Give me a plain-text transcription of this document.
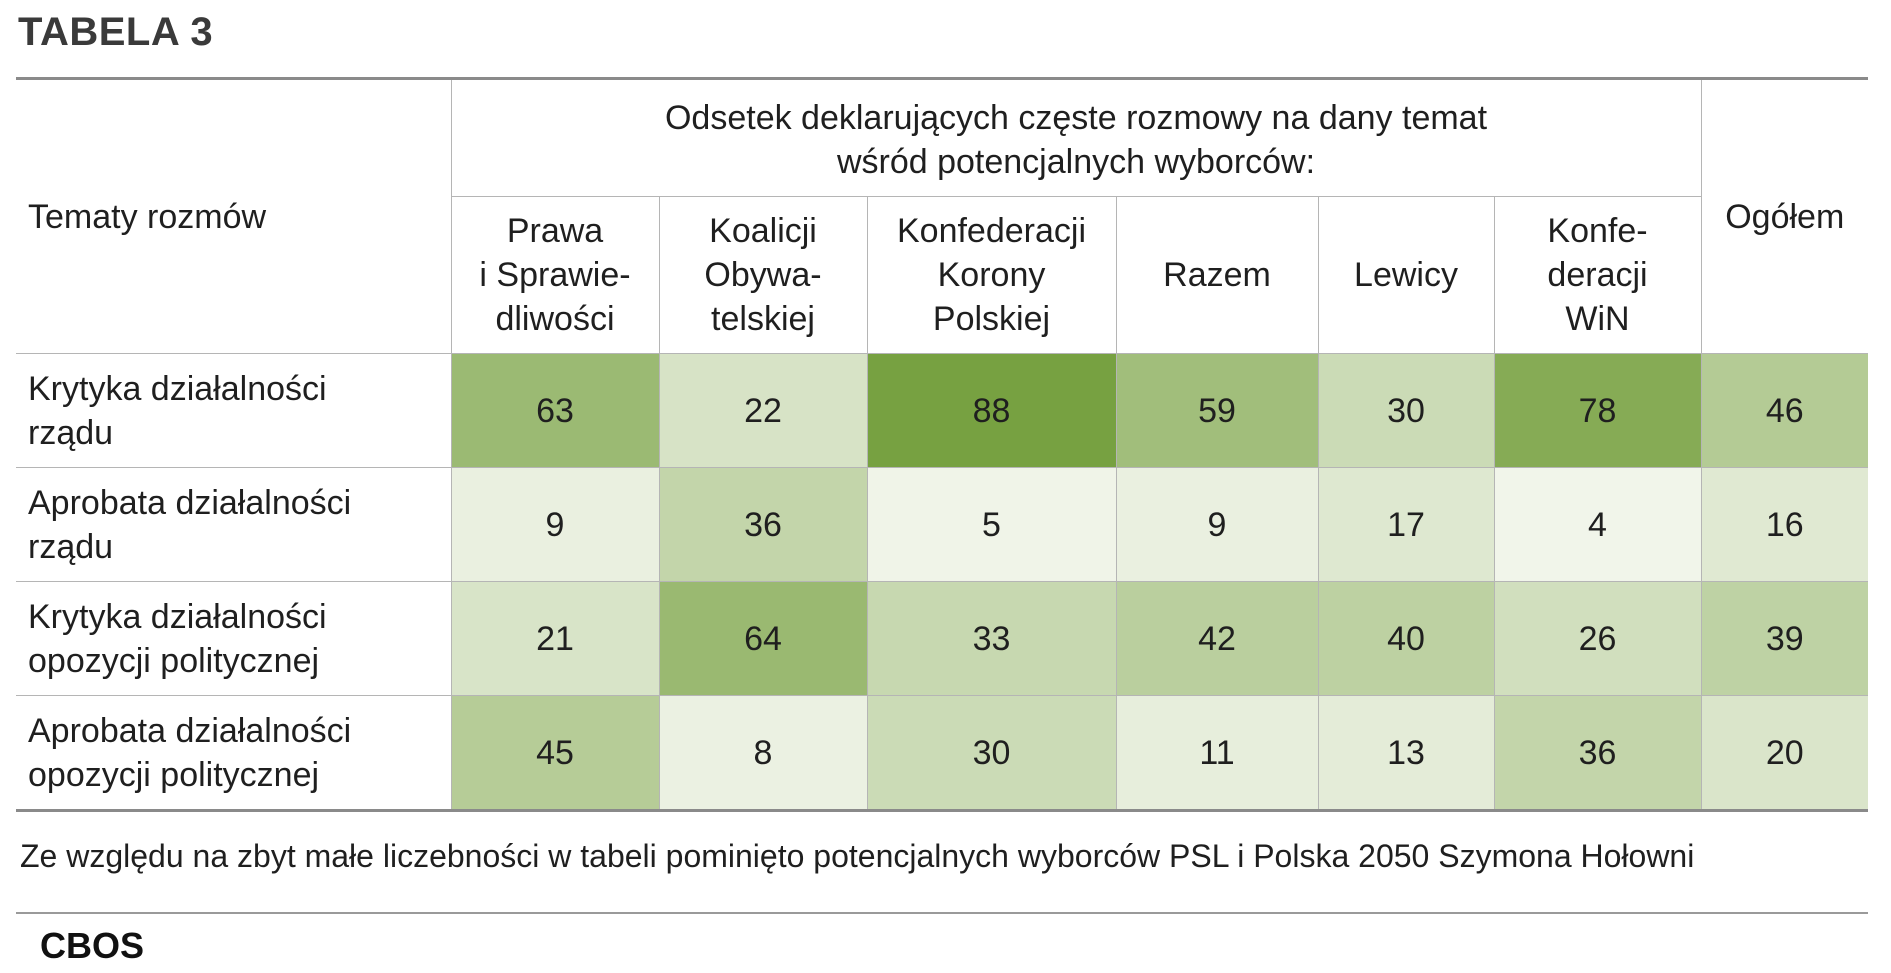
TABELA 3
Tematy rozmów	Odsetek deklarujących częste rozmowy na dany temat
wśród potencjalnych wyborców:						Ogółem

	Prawa
i Sprawie-
dliwości	Koalicji
Obywa-
telskiej	Konfederacji
Korony
Polskiej	Razem	Lewicy	Konfe-
deracji
WiN	

Krytyka działalności
rządu	63	22	88	59	30	78	46

Aprobata działalności
rządu	9	36	5	9	17	4	16

Krytyka działalności
opozycji politycznej	21	64	33	42	40	26	39

Aprobata działalności
opozycji politycznej	45	8	30	11	13	36	20
Ze względu na zbyt małe liczebności w tabeli pominięto potencjalnych wyborców PSL i Polska 2050 Szymona Hołowni
CBOS
